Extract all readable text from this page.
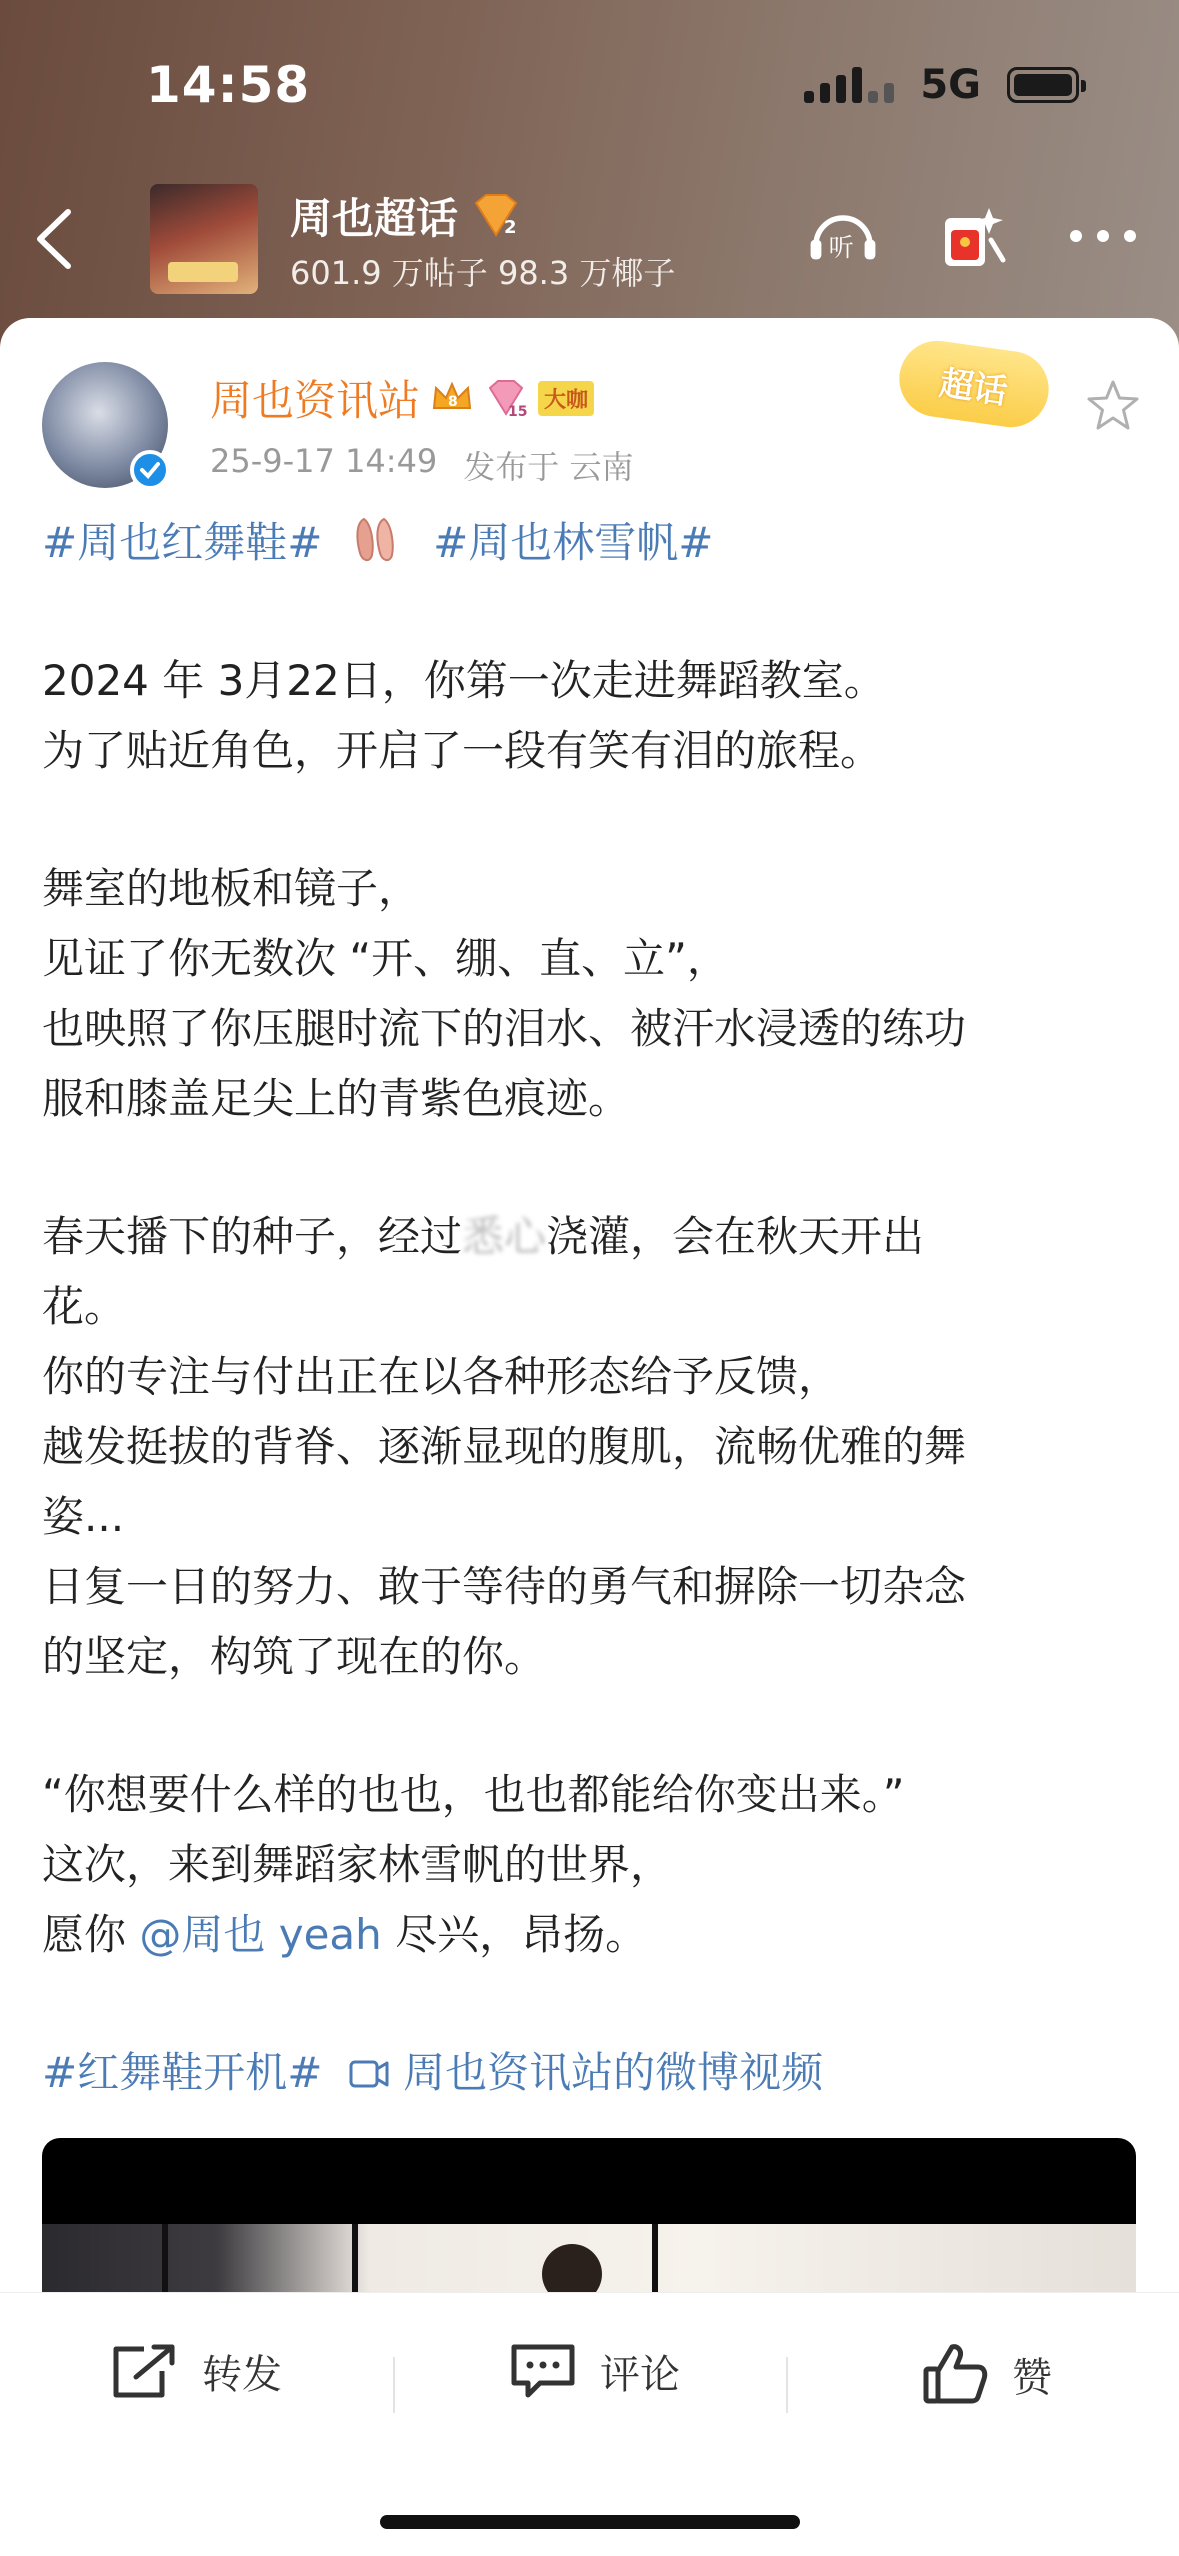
14:58	5G
周也超话	2
601.9 万帖子 98.3 万椰子
听
周也资讯站 8
15 大咖
25-9-17 14:49 发布于 云南
超话
#周也红舞鞋#	#周也林雪帆#
2024 年 3月22日，你第一次走进舞蹈教室。
为了贴近角色，开启了一段有笑有泪的旅程。
舞室的地板和镜子，
见证了你无数次 “开、绷、直、立”，
也映照了你压腿时流下的泪水、被汗水浸透的练功
服和膝盖足尖上的青紫色痕迹。
春天播下的种子，经过悉心浇灌，会在秋天开出
花。
你的专注与付出正在以各种形态给予反馈，
越发挺拔的背脊、逐渐显现的腹肌，流畅优雅的舞
姿...
日复一日的努力、敢于等待的勇气和摒除一切杂念
的坚定，构筑了现在的你。
“你想要什么样的也也，也也都能给你变出来。”
这次，来到舞蹈家林雪帆的世界，
愿你 @周也 yeah 尽兴，昂扬。
#红舞鞋开机# 周也资讯站的微博视频
转发	评论	赞
